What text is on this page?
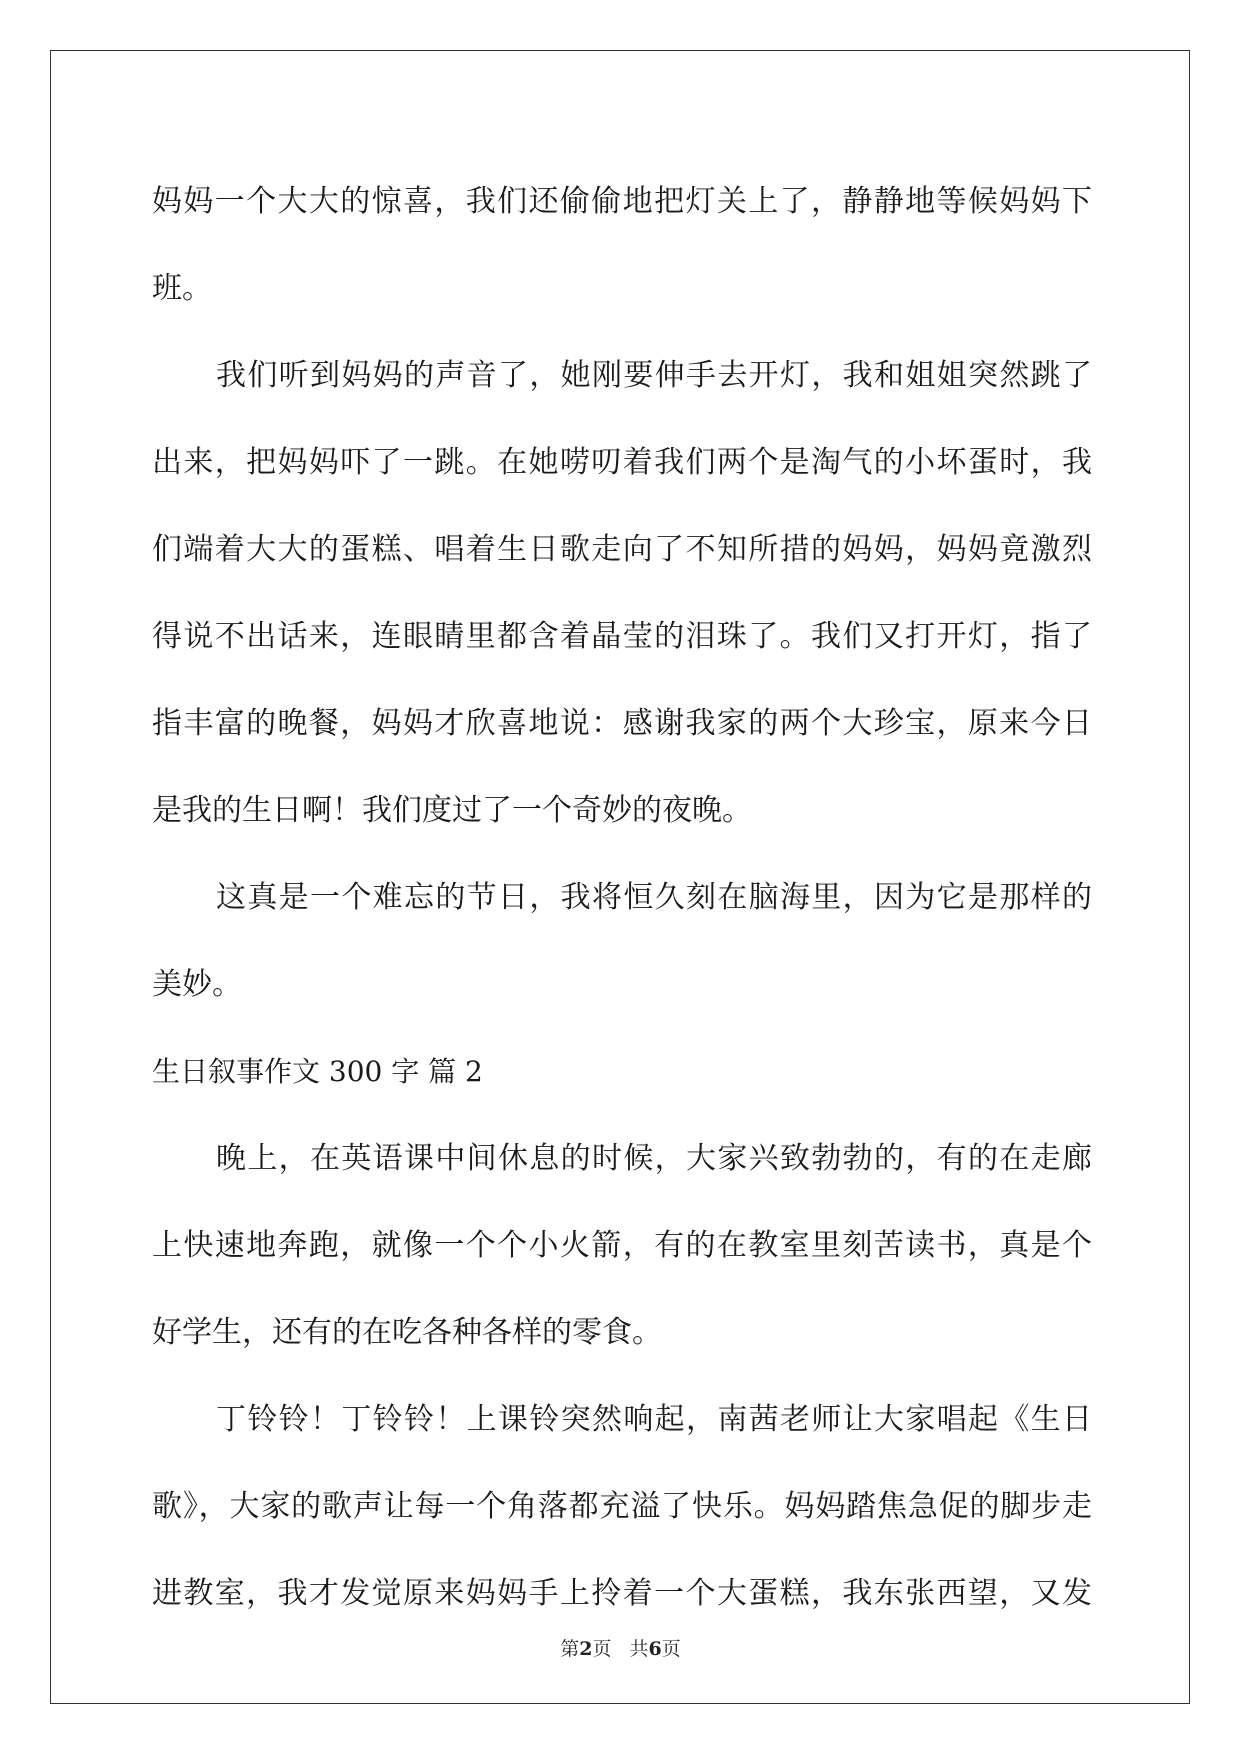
妈妈一个大大的惊喜，我们还偷偷地把灯关上了，静静地等候妈妈下
班。
我们听到妈妈的声音了，她刚要伸手去开灯，我和姐姐突然跳了
出来，把妈妈吓了一跳。在她唠叨着我们两个是淘气的小坏蛋时，我
们端着大大的蛋糕、唱着生日歌走向了不知所措的妈妈，妈妈竟激烈
得说不出话来，连眼睛里都含着晶莹的泪珠了。我们又打开灯，指了
指丰富的晚餐，妈妈才欣喜地说：感谢我家的两个大珍宝，原来今日
是我的生日啊！我们度过了一个奇妙的夜晚。
这真是一个难忘的节日，我将恒久刻在脑海里，因为它是那样的
美妙。
生日叙事作文 300 字 篇 2
晚上，在英语课中间休息的时候，大家兴致勃勃的，有的在走廊
上快速地奔跑，就像一个个小火箭，有的在教室里刻苦读书，真是个
好学生，还有的在吃各种各样的零食。
丁铃铃！丁铃铃！上课铃突然响起，南茜老师让大家唱起《生日
歌》，大家的歌声让每一个角落都充溢了快乐。妈妈踏焦急促的脚步走
进教室，我才发觉原来妈妈手上拎着一个大蛋糕，我东张西望，又发
第2页 共6页
